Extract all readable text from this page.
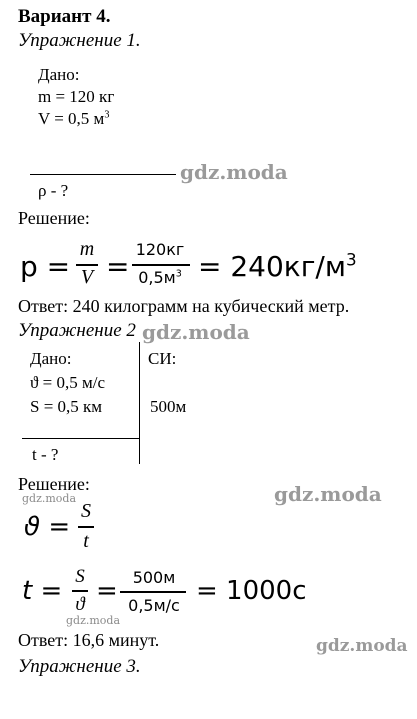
Вариант 4.
Упражнение 1.
Дано:
m = 120 кг
V = 0,5 $м^3$
gdz.moda
ρ - ?
Решение:
p =
m
V =
120кг
$0,5м^3 = 240кг/м^3$
Ответ: 240 килограмм на кубический метр.
Упражнение 2 gdz.moda
Дано:	СИ:
ϑ = 0,5 м/с
S = 0,5 км	500м
t - ?
Решение:
gdz.moda	gdz.moda
ϑ =
S
t
t = S
ϑ = 500м
0,5м/с = 1000с
gdz.moda
Ответ: 16,6 минут.	gdz.moda
Упражнение 3.
